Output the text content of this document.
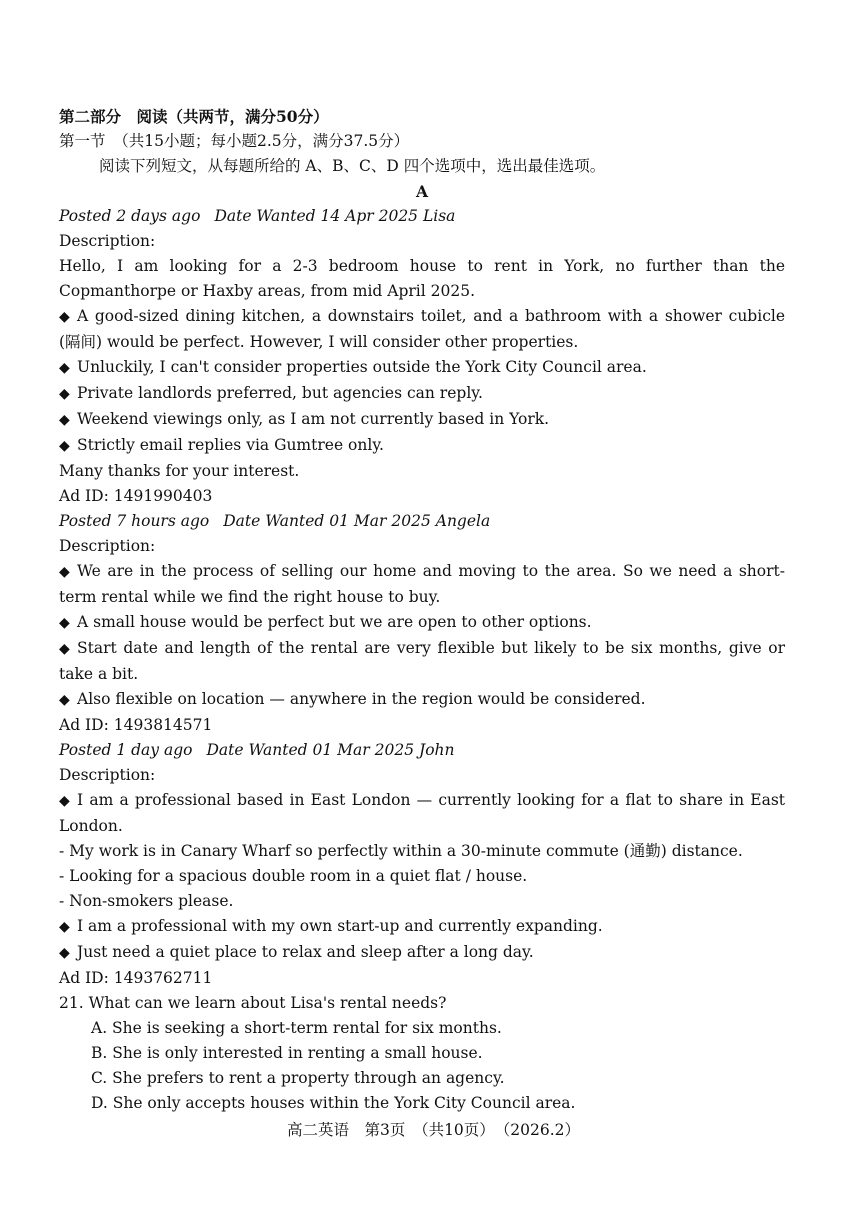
第二部分　阅读（共两节，满分50分）
第一节　（共15小题；每小题2.5分，满分37.5分）
阅读下列短文，从每题所给的 A、B、C、D 四个选项中，选出最佳选项。
A
Posted 2 days ago Date Wanted 14 Apr 2025 Lisa
Description:
Hello, I am looking for a 2-3 bedroom house to rent in York, no further than the Copmanthorpe or Haxby areas, from mid April 2025.
◆ A good-sized dining kitchen, a downstairs toilet, and a bathroom with a shower cubicle (隔间) would be perfect. However, I will consider other properties.
◆ Unluckily, I can't consider properties outside the York City Council area.
◆ Private landlords preferred, but agencies can reply.
◆ Weekend viewings only, as I am not currently based in York.
◆ Strictly email replies via Gumtree only.
Many thanks for your interest.
Ad ID: 1491990403
Posted 7 hours ago Date Wanted 01 Mar 2025 Angela
Description:
◆ We are in the process of selling our home and moving to the area. So we need a short-term rental while we find the right house to buy.
◆ A small house would be perfect but we are open to other options.
◆ Start date and length of the rental are very flexible but likely to be six months, give or take a bit.
◆ Also flexible on location — anywhere in the region would be considered.
Ad ID: 1493814571
Posted 1 day ago Date Wanted 01 Mar 2025 John
Description:
◆ I am a professional based in East London — currently looking for a flat to share in East London.
- My work is in Canary Wharf so perfectly within a 30-minute commute (通勤) distance.
- Looking for a spacious double room in a quiet flat / house.
- Non-smokers please.
◆ I am a professional with my own start-up and currently expanding.
◆ Just need a quiet place to relax and sleep after a long day.
Ad ID: 1493762711
21. What can we learn about Lisa's rental needs?
A. She is seeking a short-term rental for six months.
B. She is only interested in renting a small house.
C. She prefers to rent a property through an agency.
D. She only accepts houses within the York City Council area.
高二英语　第3页　（共10页）　（2026.2）
